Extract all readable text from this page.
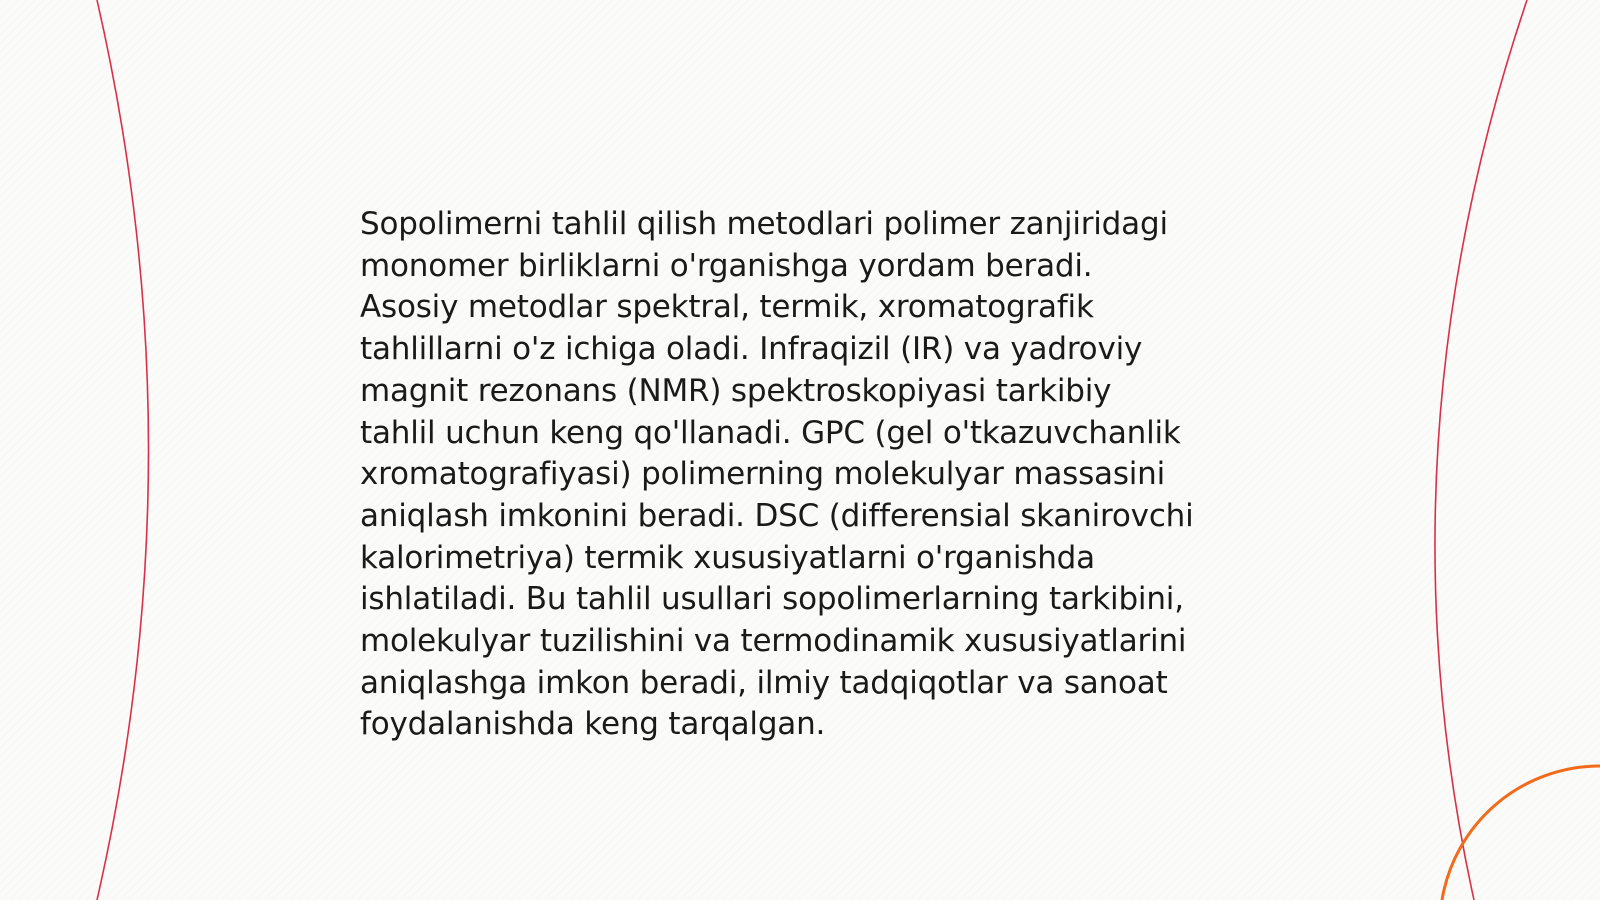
Sopolimerni tahlil qilish metodlari polimer zanjiridagi
monomer birliklarni o'rganishga yordam beradi.
Asosiy metodlar spektral, termik, xromatografik
tahlillarni o'z ichiga oladi. Infraqizil (IR) va yadroviy
magnit rezonans (NMR) spektroskopiyasi tarkibiy
tahlil uchun keng qo'llanadi. GPC (gel o'tkazuvchanlik
xromatografiyasi) polimerning molekulyar massasini
aniqlash imkonini beradi. DSC (differensial skanirovchi
kalorimetriya) termik xususiyatlarni o'rganishda
ishlatiladi. Bu tahlil usullari sopolimerlarning tarkibini,
molekulyar tuzilishini va termodinamik xususiyatlarini
aniqlashga imkon beradi, ilmiy tadqiqotlar va sanoat
foydalanishda keng tarqalgan.
